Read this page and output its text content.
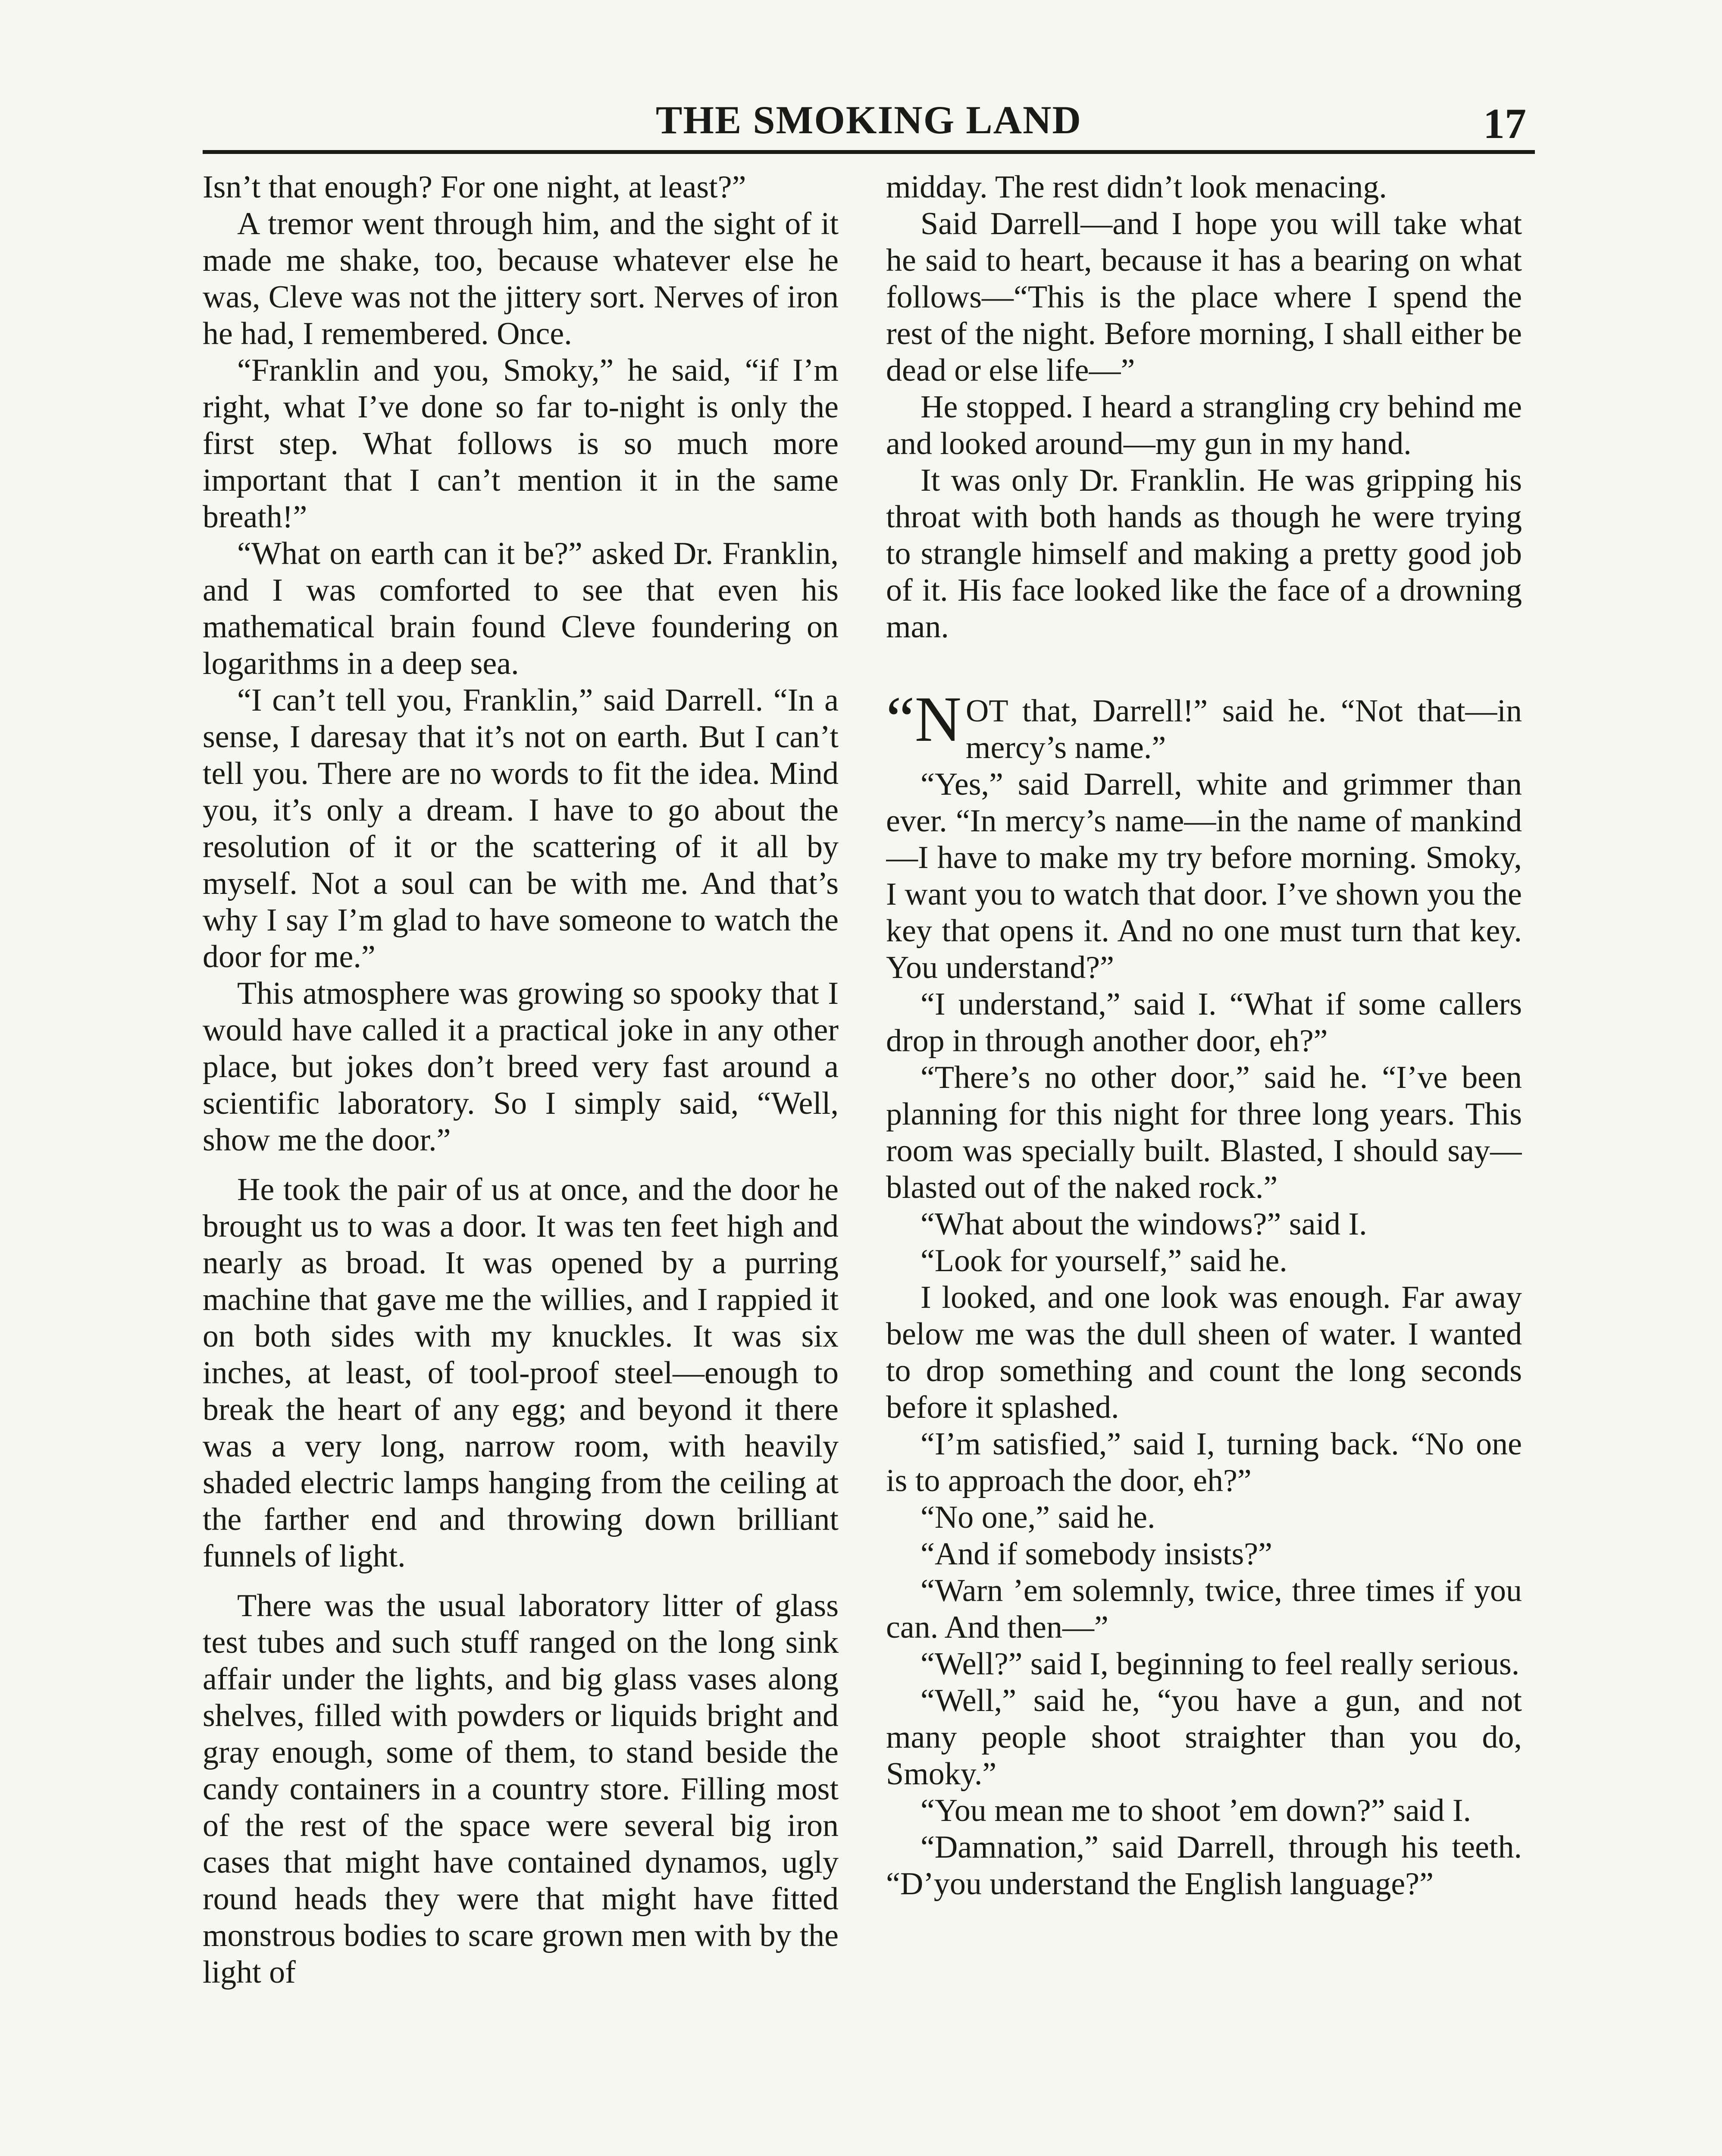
THE SMOKING LAND	17

Isn’t that enough? For one night, at least?”

A tremor went through him, and the sight of it made me shake, too, because whatever else he was, Cleve was not the jittery sort. Nerves of iron he had, I remembered. Once.

“Franklin and you, Smoky,” he said, “if I’m right, what I’ve done so far to-night is only the first step. What follows is so much more important that I can’t mention it in the same breath!”

“What on earth can it be?” asked Dr. Franklin, and I was comforted to see that even his mathematical brain found Cleve foundering on logarithms in a deep sea.

“I can’t tell you, Franklin,” said Darrell. “In a sense, I daresay that it’s not on earth. But I can’t tell you. There are no words to fit the idea. Mind you, it’s only a dream. I have to go about the resolution of it or the scattering of it all by myself. Not a soul can be with me. And that’s why I say I’m glad to have someone to watch the door for me.”

This atmosphere was growing so spooky that I would have called it a practical joke in any other place, but jokes don’t breed very fast around a scientific laboratory. So I simply said, “Well, show me the door.”

He took the pair of us at once, and the door he brought us to was a door. It was ten feet high and nearly as broad. It was opened by a purring machine that gave me the willies, and I rappied it on both sides with my knuckles. It was six inches, at least, of tool-proof steel—enough to break the heart of any egg; and beyond it there was a very long, narrow room, with heavily shaded electric lamps hanging from the ceiling at the farther end and throwing down brilliant funnels of light.

There was the usual laboratory litter of glass test tubes and such stuff ranged on the long sink affair under the lights, and big glass vases along shelves, filled with powders or liquids bright and gray enough, some of them, to stand beside the candy containers in a country store. Filling most of the rest of the space were several big iron cases that might have contained dynamos, ugly round heads they were that might have fitted monstrous bodies to scare grown men with by the light of

midday. The rest didn’t look menacing.

Said Darrell—and I hope you will take what he said to heart, because it has a bearing on what follows—“This is the place where I spend the rest of the night. Before morning, I shall either be dead or else life—”

He stopped. I heard a strangling cry behind me and looked around—my gun in my hand.

It was only Dr. Franklin. He was gripping his throat with both hands as though he were trying to strangle himself and making a pretty good job of it. His face looked like the face of a drowning man.

“NOT that, Darrell!” said he. “Not that—in mercy’s name.”

“Yes,” said Darrell, white and grimmer than ever. “In mercy’s name—in the name of mankind—I have to make my try before morning. Smoky, I want you to watch that door. I’ve shown you the key that opens it. And no one must turn that key. You understand?”

“I understand,” said I. “What if some callers drop in through another door, eh?”

“There’s no other door,” said he. “I’ve been planning for this night for three long years. This room was specially built. Blasted, I should say—blasted out of the naked rock.”

“What about the windows?” said I.

“Look for yourself,” said he.

I looked, and one look was enough. Far away below me was the dull sheen of water. I wanted to drop something and count the long seconds before it splashed.

“I’m satisfied,” said I, turning back. “No one is to approach the door, eh?”

“No one,” said he.

“And if somebody insists?”

“Warn ’em solemnly, twice, three times if you can. And then—”

“Well?” said I, beginning to feel really serious.

“Well,” said he, “you have a gun, and not many people shoot straighter than you do, Smoky.”

“You mean me to shoot ’em down?” said I.

“Damnation,” said Darrell, through his teeth. “D’you understand the English language?”
